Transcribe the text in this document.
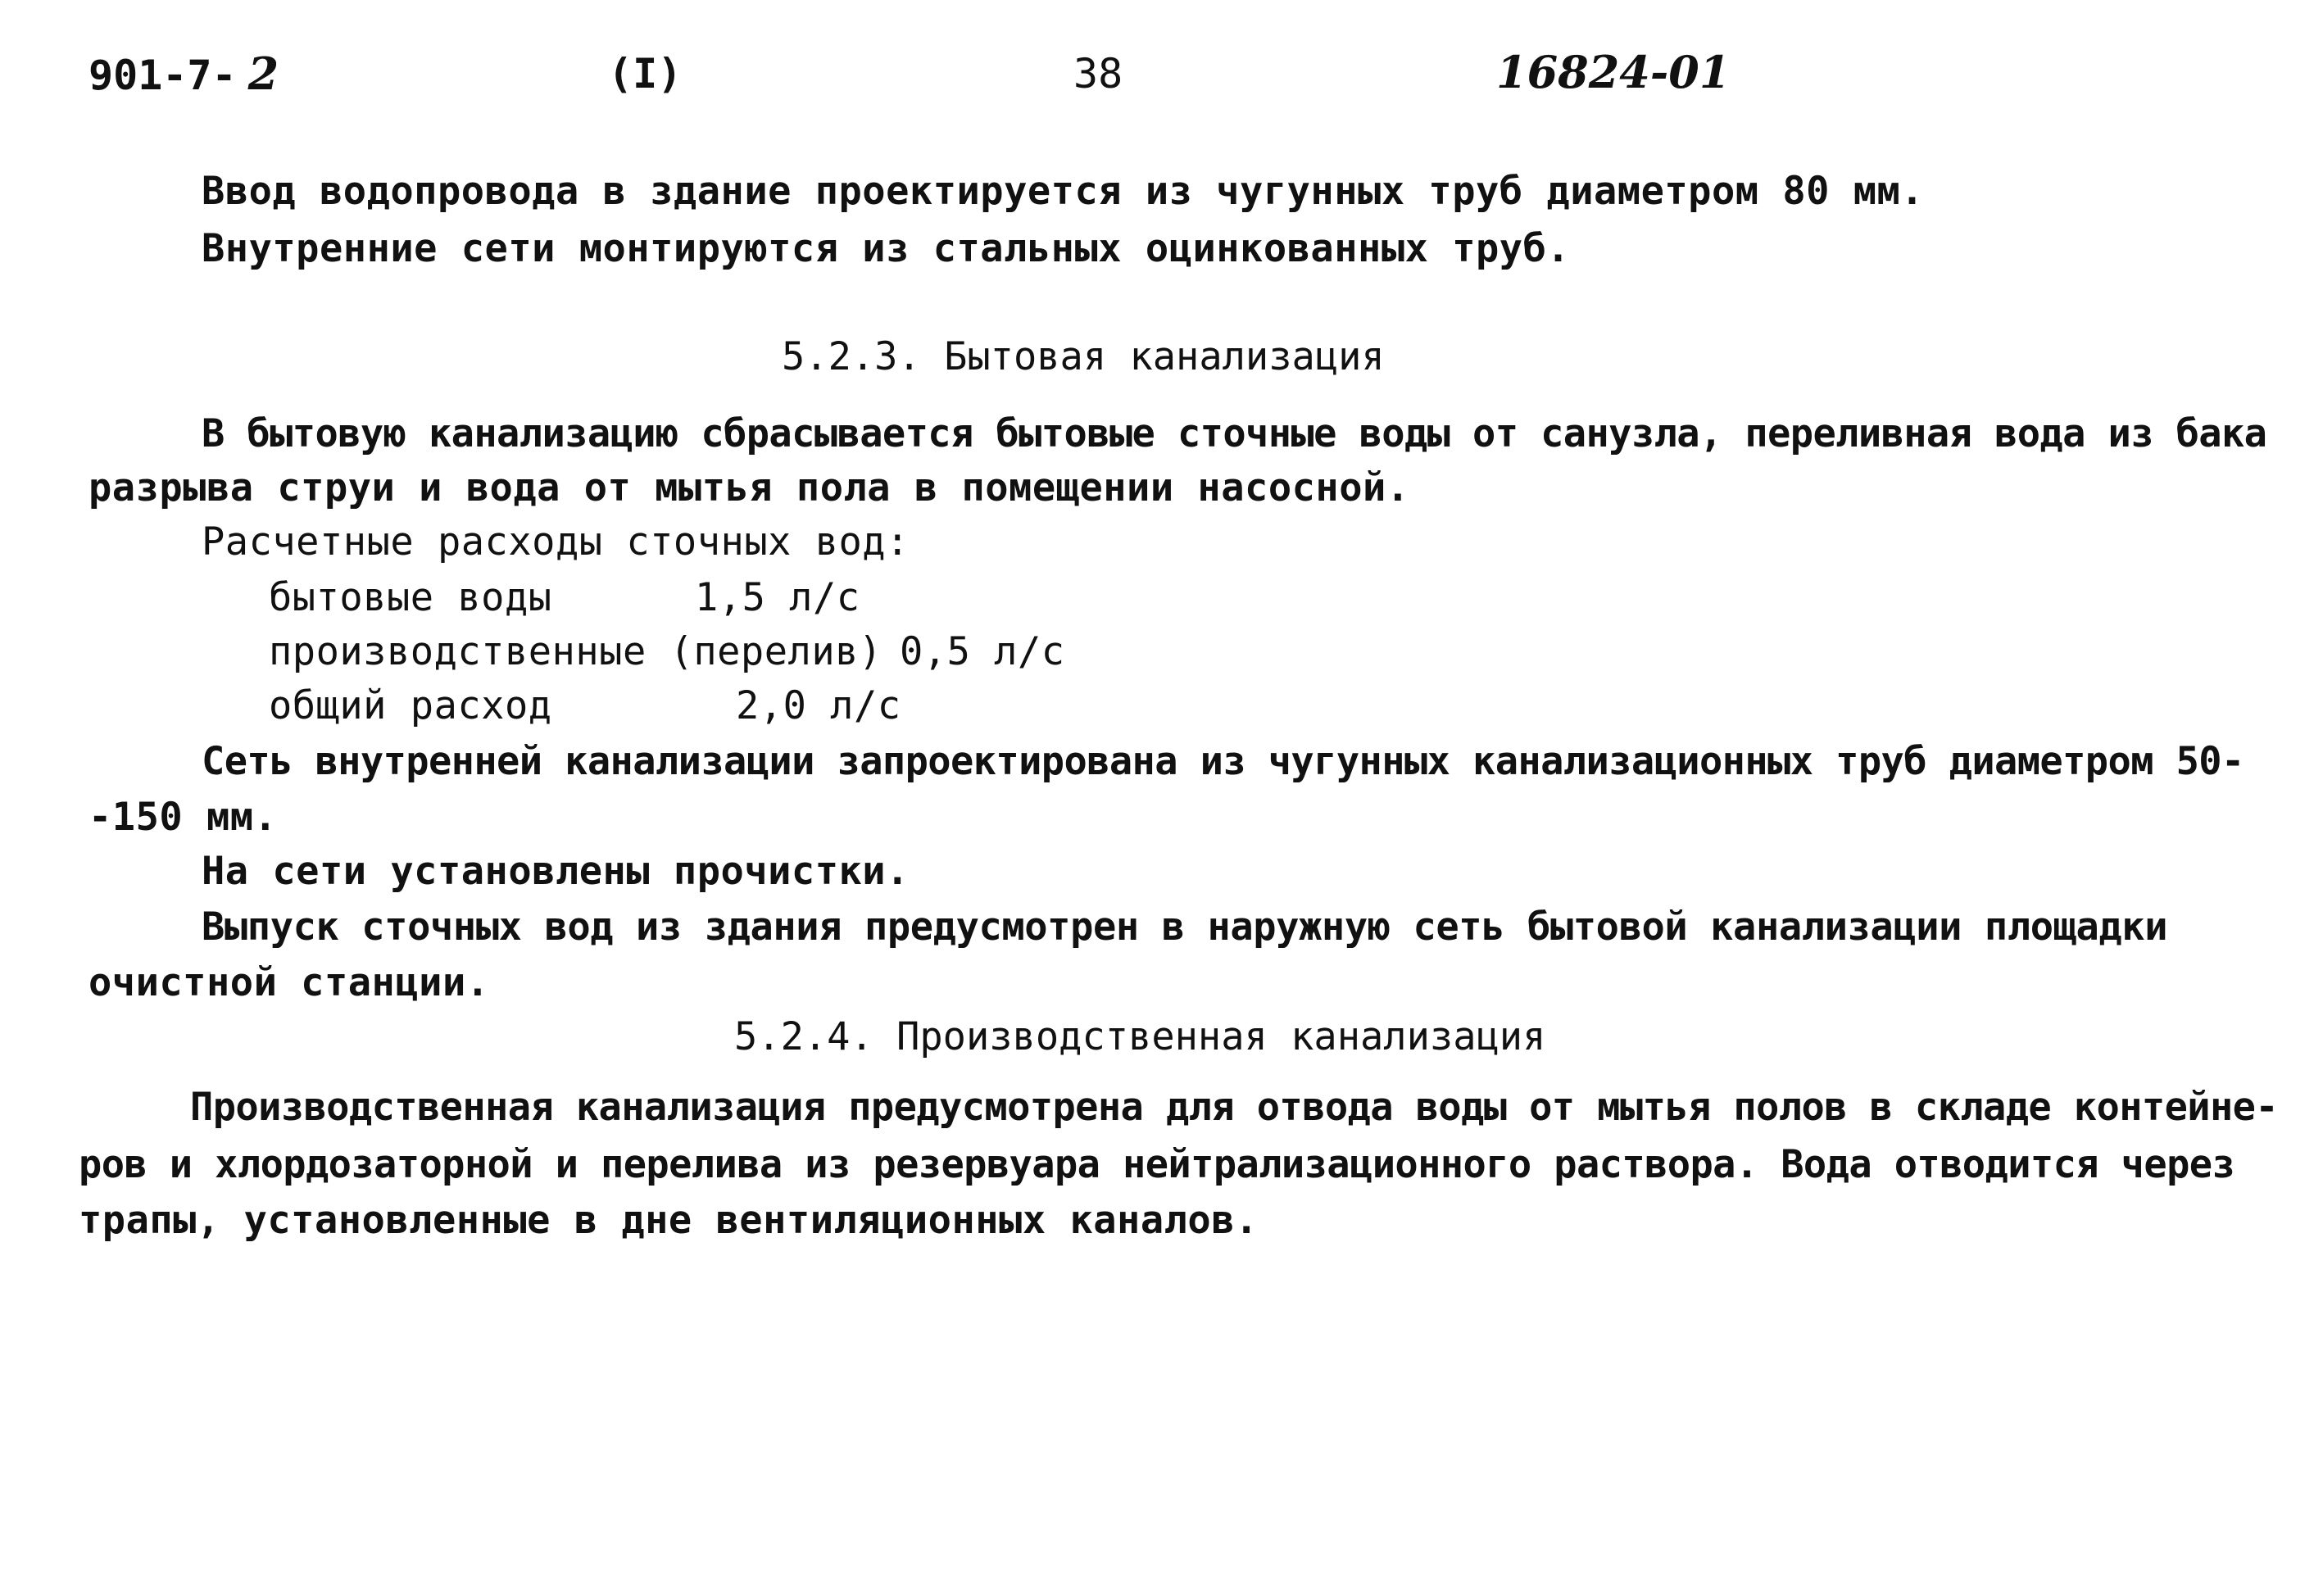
901-7- 2	(I)	38	16824-01
Ввод водопровода в здание проектируется из чугунных труб диаметром 80 мм.
Внутренние сети монтируются из стальных оцинкованных труб.
5.2.3. Бытовая канализация
В бытовую канализацию сбрасывается бытовые сточные воды от санузла, переливная вода из бака
разрыва струи и вода от мытья пола в помещении насосной.
Расчетные расходы сточных вод:
бытовые воды	1,5 л/с
производственные (перелив) 0,5 л/с
общий расход	2,0 л/с
Сеть внутренней канализации запроектирована из чугунных канализационных труб диаметром 50-
-150 мм.
На сети установлены прочистки.
Выпуск сточных вод из здания предусмотрен в наружную сеть бытовой канализации площадки
очистной станции.
5.2.4. Производственная канализация
Производственная канализация предусмотрена для отвода воды от мытья полов в складе контейне-
ров и хлордозаторной и перелива из резервуара нейтрализационного раствора. Вода отводится через
трапы, установленные в дне вентиляционных каналов.
